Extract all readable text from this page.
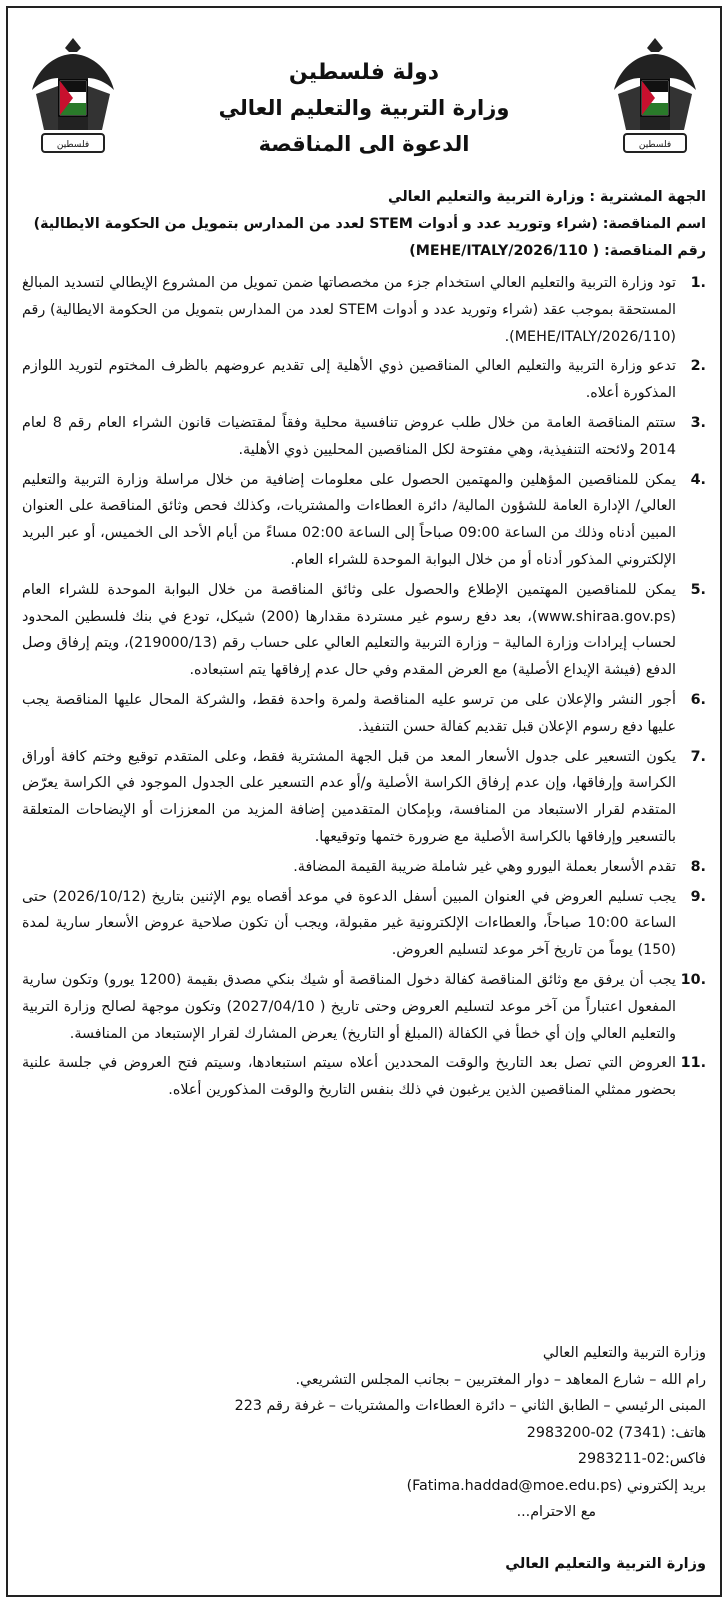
فلسطين	فلسطين
دولة فلسطين
وزارة التربية والتعليم العالي
الدعوة الى المناقصة
الجهة المشترية : وزارة التربية والتعليم العالي
اسم المناقصة: (شراء وتوريد عدد و أدوات STEM لعدد من المدارس بتمويل من الحكومة الايطالية)
رقم المناقصة: ( MEHE/ITALY/2026/110)
1.
تود وزارة التربية والتعليم العالي استخدام جزء من مخصصاتها ضمن تمويل من المشروع الإيطالي لتسديد المبالغ المستحقة بموجب عقد (شراء وتوريد عدد و أدوات STEM لعدد من المدارس بتمويل من الحكومة الايطالية) رقم (MEHE/ITALY/2026/110).
2.
تدعو وزارة التربية والتعليم العالي المناقصين ذوي الأهلية إلى تقديم عروضهم بالظرف المختوم لتوريد اللوازم المذكورة أعلاه.
3.
ستتم المناقصة العامة من خلال طلب عروض تنافسية محلية وفقاً لمقتضيات قانون الشراء العام رقم 8 لعام 2014 ولائحته التنفيذية، وهي مفتوحة لكل المناقصين المحليين ذوي الأهلية.
4.
يمكن للمناقصين المؤهلين والمهتمين الحصول على معلومات إضافية من خلال مراسلة وزارة التربية والتعليم العالي/ الإدارة العامة للشؤون المالية/ دائرة العطاءات والمشتريات، وكذلك فحص وثائق المناقصة على العنوان المبين أدناه وذلك من الساعة 09:00 صباحاً إلى الساعة 02:00 مساءً من أيام الأحد الى الخميس، أو عبر البريد الإلكتروني المذكور أدناه أو من خلال البوابة الموحدة للشراء العام.
5.
يمكن للمناقصين المهتمين الإطلاع والحصول على وثائق المناقصة من خلال البوابة الموحدة للشراء العام (www.shiraa.gov.ps)، بعد دفع رسوم غير مستردة مقدارها (200) شيكل، تودع في بنك فلسطين المحدود لحساب إيرادات وزارة المالية – وزارة التربية والتعليم العالي على حساب رقم (219000/13)، ويتم إرفاق وصل الدفع (فيشة الإيداع الأصلية) مع العرض المقدم وفي حال عدم إرفاقها يتم استبعاده.
6.
أجور النشر والإعلان على من ترسو عليه المناقصة ولمرة واحدة فقط، والشركة المحال عليها المناقصة يجب عليها دفع رسوم الإعلان قبل تقديم كفالة حسن التنفيذ.
7.
يكون التسعير على جدول الأسعار المعد من قبل الجهة المشترية فقط، وعلى المتقدم توقيع وختم كافة أوراق الكراسة وإرفاقها، وإن عدم إرفاق الكراسة الأصلية و/أو عدم التسعير على الجدول الموجود في الكراسة يعرّض المتقدم لقرار الاستبعاد من المنافسة، وبإمكان المتقدمين إضافة المزيد من المعززات أو الإيضاحات المتعلقة بالتسعير وإرفاقها بالكراسة الأصلية مع ضرورة ختمها وتوقيعها.
8.
تقدم الأسعار بعملة اليورو وهي غير شاملة ضريبة القيمة المضافة.
9.
يجب تسليم العروض في العنوان المبين أسفل الدعوة في موعد أقصاه يوم الإثنين بتاريخ (2026/10/12) حتى الساعة 10:00 صباحاً، والعطاءات الإلكترونية غير مقبولة، ويجب أن تكون صلاحية عروض الأسعار سارية لمدة (150) يوماً من تاريخ آخر موعد لتسليم العروض.
10.
يجب أن يرفق مع وثائق المناقصة كفالة دخول المناقصة أو شيك بنكي مصدق بقيمة (1200 يورو) وتكون سارية المفعول اعتباراً من آخر موعد لتسليم العروض وحتى تاريخ ( 2027/04/10) وتكون موجهة لصالح وزارة التربية والتعليم العالي وإن أي خطأ في الكفالة (المبلغ أو التاريخ) يعرض المشارك لقرار الإستبعاد من المنافسة.
11.
العروض التي تصل بعد التاريخ والوقت المحددين أعلاه سيتم استبعادها، وسيتم فتح العروض في جلسة علنية بحضور ممثلي المناقصين الذين يرغبون في ذلك بنفس التاريخ والوقت المذكورين أعلاه.
وزارة التربية والتعليم العالي
رام الله – شارع المعاهد – دوار المغتربين – بجانب المجلس التشريعي.
المبنى الرئيسي – الطابق الثاني – دائرة العطاءات والمشتريات – غرفة رقم 223
هاتف: (7341) 02-2983200
فاكس:02-2983211
بريد إلكتروني (Fatima.haddad@moe.edu.ps)
مع الاحترام...
وزارة التربية والتعليم العالي
